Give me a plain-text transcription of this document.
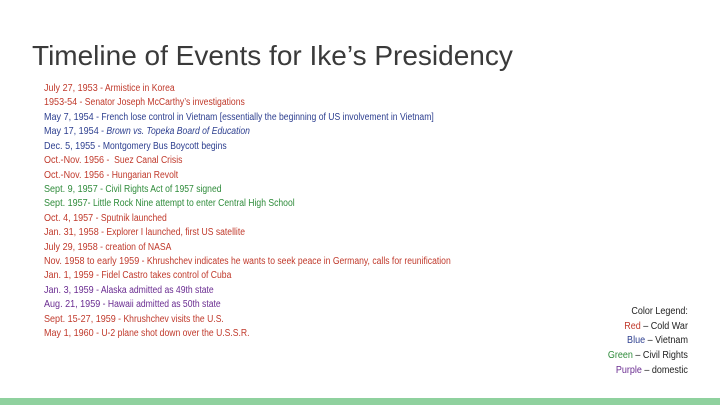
Timeline of Events for Ike’s Presidency
July 27, 1953 - Armistice in Korea
1953-54 - Senator Joseph McCarthy’s investigations
May 7, 1954 - French lose control in Vietnam [essentially the beginning of US involvement in Vietnam]
May 17, 1954 - Brown vs. Topeka Board of Education
Dec. 5, 1955 - Montgomery Bus Boycott begins
Oct.-Nov. 1956 -  Suez Canal Crisis
Oct.-Nov. 1956 - Hungarian Revolt
Sept. 9, 1957 - Civil Rights Act of 1957 signed
Sept. 1957- Little Rock Nine attempt to enter Central High School
Oct. 4, 1957 - Sputnik launched
Jan. 31, 1958 - Explorer I launched, first US satellite
July 29, 1958 - creation of NASA
Nov. 1958 to early 1959 - Khrushchev indicates he wants to seek peace in Germany, calls for reunification
Jan. 1, 1959 - Fidel Castro takes control of Cuba
Jan. 3, 1959 - Alaska admitted as 49th state
Aug. 21, 1959 - Hawaii admitted as 50th state
Sept. 15-27, 1959 - Khrushchev visits the U.S.
May 1, 1960 - U-2 plane shot down over the U.S.S.R.
Color Legend:
Red – Cold War
Blue – Vietnam
Green – Civil Rights
Purple – domestic
